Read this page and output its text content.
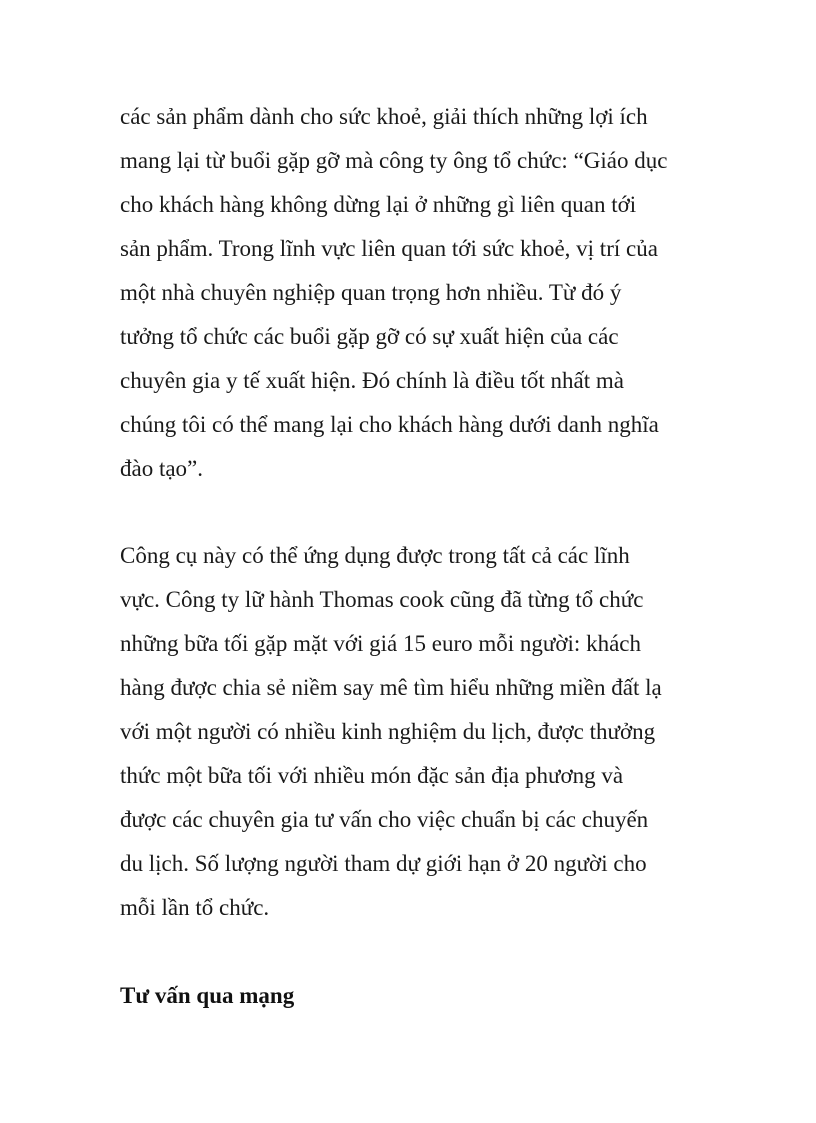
các sản phẩm dành cho sức khoẻ, giải thích những lợi ích

mang lại từ buổi gặp gỡ mà công ty ông tổ chức: “Giáo dục

cho khách hàng không dừng lại ở những gì liên quan tới

sản phẩm. Trong lĩnh vực liên quan tới sức khoẻ, vị trí của

một nhà chuyên nghiệp quan trọng hơn nhiều. Từ đó ý

tưởng tổ chức các buổi gặp gỡ có sự xuất hiện của các

chuyên gia y tế xuất hiện. Đó chính là điều tốt nhất mà

chúng tôi có thể mang lại cho khách hàng dưới danh nghĩa

đào tạo”.

Công cụ này có thể ứng dụng được trong tất cả các lĩnh

vực. Công ty lữ hành Thomas cook cũng đã từng tổ chức

những bữa tối gặp mặt với giá 15 euro mỗi người: khách

hàng được chia sẻ niềm say mê tìm hiểu những miền đất lạ

với một người có nhiều kinh nghiệm du lịch, được thưởng

thức một bữa tối với nhiều món đặc sản địa phương và

được các chuyên gia tư vấn cho việc chuẩn bị các chuyến

du lịch. Số lượng người tham dự giới hạn ở 20 người cho

mỗi lần tổ chức.

Tư vấn qua mạng
